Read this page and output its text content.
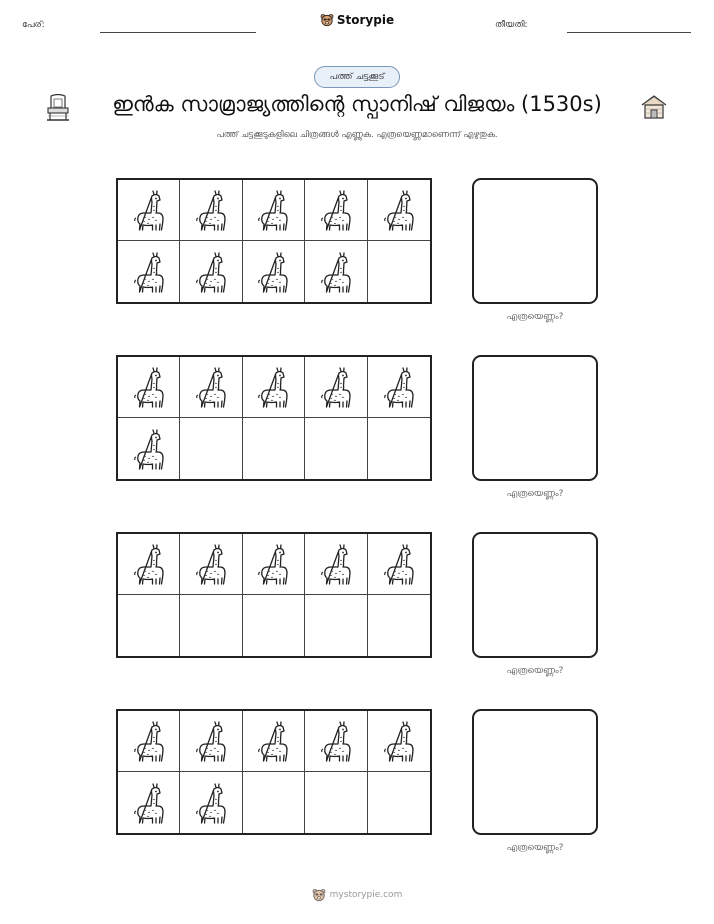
പേര്:	Storypie	തീയതി:
പത്ത് ചട്ടക്കൂട്
ഇൻക സാമ്രാജ്യത്തിന്റെ സ്പാനിഷ് വിജയം (1530s)
പത്ത് ചട്ടക്കൂടുകളിലെ ചിത്രങ്ങൾ എണ്ണുക. എത്രയെണ്ണമാണെന്ന് എഴുതുക.
എത്രയെണ്ണം?
എത്രയെണ്ണം?
എത്രയെണ്ണം?
എത്രയെണ്ണം?
mystorypie.com
